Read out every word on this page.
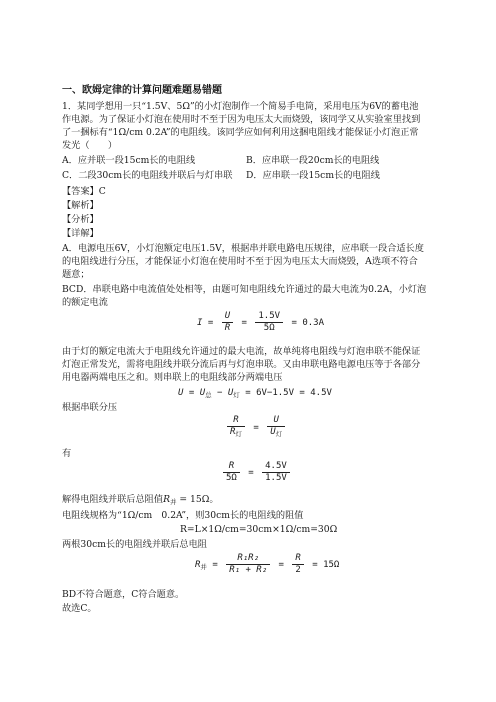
一、欧姆定律的计算问题难题易错题
1．某同学想用一只“1.5V、5Ω”的小灯泡制作一个简易手电筒，采用电压为6V的蓄电池
作电源。为了保证小灯泡在使用时不至于因为电压太大而烧毁，该同学又从实验室里找到
了一捆标有“1Ω/cm 0.2A”的电阻线。该同学应如何利用这捆电阻线才能保证小灯泡正常
发光（　　）
A．应并联一段15cm长的电阻线	B．应串联一段20cm长的电阻线
C．二段30cm长的电阻线并联后与灯串联 D．应串联一段15cm长的电阻线
【答案】C
【解析】
【分析】
【详解】
A．电源电压6V，小灯泡额定电压1.5V，根据串并联电路电压规律，应串联一段合适长度
的电阻线进行分压，才能保证小灯泡在使用时不至于因为电压太大而烧毁，A选项不符合
题意；
BCD．串联电路中电流值处处相等，由题可知电阻线允许通过的最大电流为0.2A，小灯泡
的额定电流
$I = \frac{U}{R} = \frac{1.5V}{5\Omega} = 0.3A$
由于灯的额定电流大于电阻线允许通过的最大电流，故单纯将电阻线与灯泡串联不能保证
灯泡正常发光，需将电阻线并联分流后再与灯泡串联。又由串联电路电源电压等于各部分
用电器两端电压之和。则串联上的电阻线部分两端电压
$U = U_总 - U_灯 = 6V-1.5V = 4.5V$
根据串联分压
$\frac{R}{R_灯} = \frac{U}{U_灯}$
有
$\frac{R}{5\Omega} = \frac{4.5V}{1.5V}$
解得电阻线并联后总阻值$R_并 = 15\Omega$。
电阻线规格为“1Ω/cm　0.2A”，则30cm长的电阻线的阻值
R=L×1Ω/cm=30cm×1Ω/cm=30Ω
两根30cm长的电阻线并联后总电阻
$R_并 = \frac{\text{R₁R₂}}{\text{R₁ + R₂}} = \frac{R}{2} = 15\Omega$
BD不符合题意，C符合题意。
故选C。
